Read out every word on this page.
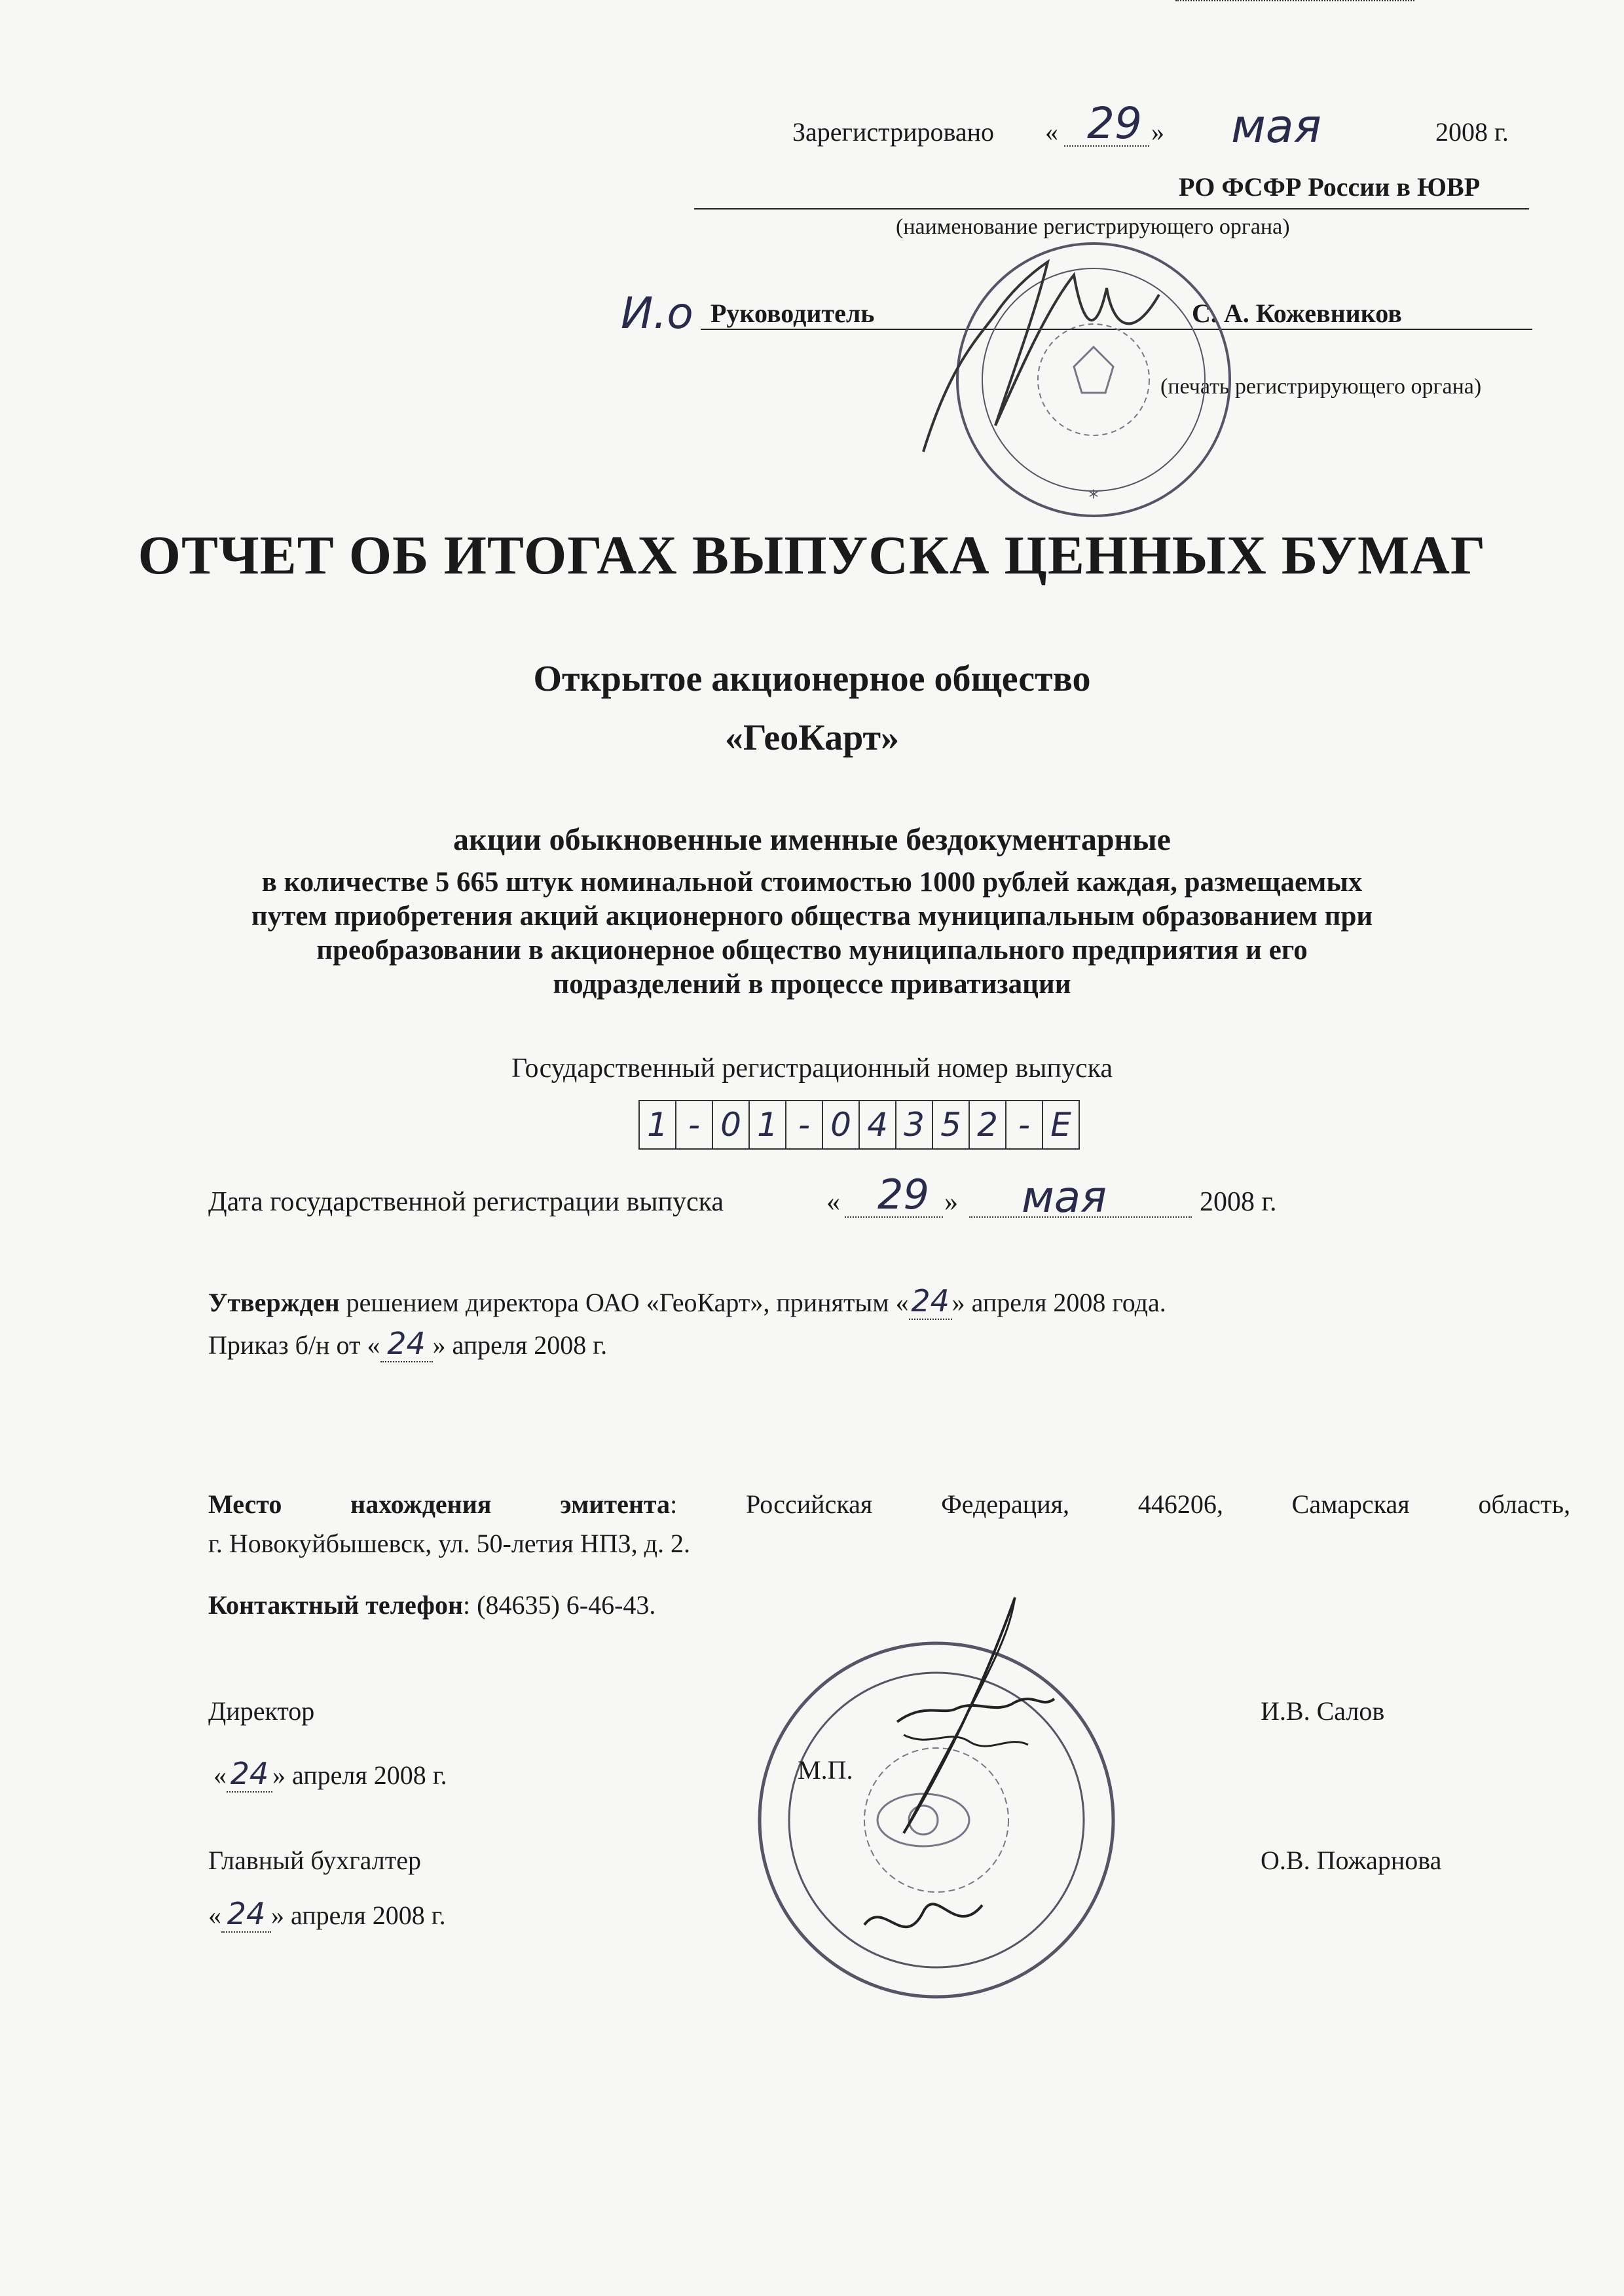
Зарегистрировано « 29 » мая	2008 г.
РО ФСФР России в ЮВР
(наименование регистрирующего органа)
И.о Руководитель	С. А. Кожевников
(печать регистрирующего органа)
*
ОТЧЕТ ОБ ИТОГАХ ВЫПУСКА ЦЕННЫХ БУМАГ
Открытое акционерное общество
«ГеоКарт»
акции обыкновенные именные бездокументарные
в количестве 5 665 штук номинальной стоимостью 1000 рублей каждая, размещаемых
путем приобретения акций акционерного общества муниципальным образованием при
преобразовании в акционерное общество муниципального предприятия и его
подразделений в процессе приватизации
Государственный регистрационный номер выпуска
1 - 0 1 - 0 4 3 5 2 - E
Дата государственной регистрации выпуска	« 29 » мая	2008 г.
Утвержден решением директора ОАО «ГеоКарт», принятым «24» апреля 2008 года.
Приказ б/н от « 24 » апреля 2008 г.
Место нахождения эмитента: Российская Федерация, 446206, Самарская область,
г. Новокуйбышевск, ул. 50-летия НПЗ, д. 2.
Контактный телефон: (84635) 6-46-43.
Директор	И.В. Салов
« 24 » апреля 2008 г.
Главный бухгалтер	О.В. Пожарнова
« 24 » апреля 2008 г.
М.П.
